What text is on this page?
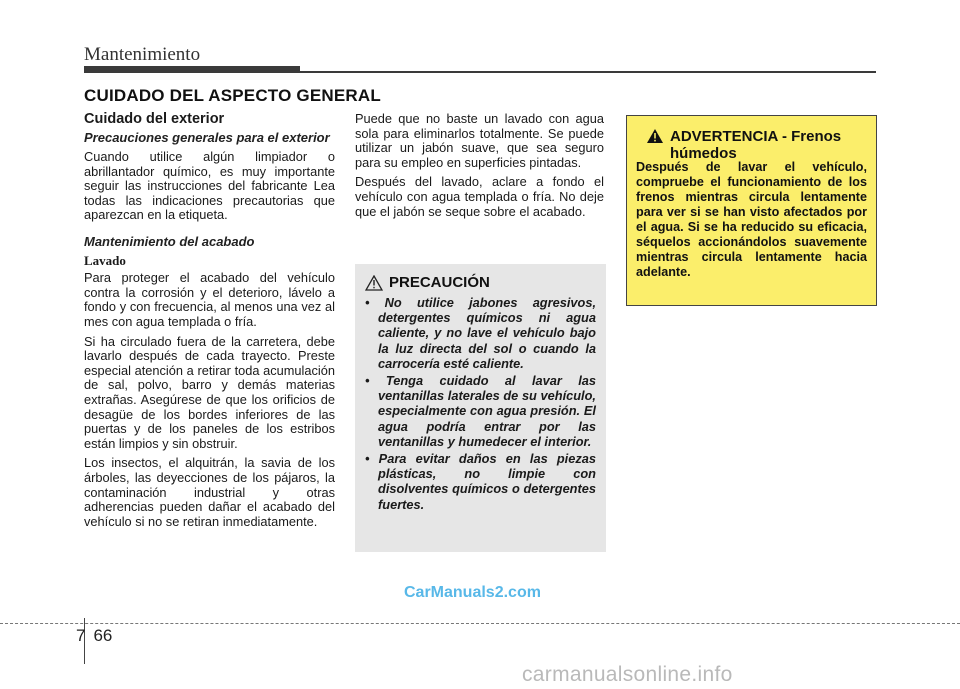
Mantenimiento
CUIDADO DEL ASPECTO GENERAL
Cuidado del exterior
Precauciones generales para el exterior

Cuando utilice algún limpiador o abrillantador químico, es muy importante seguir las instrucciones del fabricante Lea todas las indicaciones precautorias que aparezcan en la etiqueta.

Mantenimiento del acabado
Lavado

Para proteger el acabado del vehículo contra la corrosión y el deterioro, lávelo a fondo y con frecuencia, al menos una vez al mes con agua templada o fría.

Si ha circulado fuera de la carretera, debe lavarlo después de cada trayecto. Preste especial atención a retirar toda acumulación de sal, polvo, barro y demás materias extrañas. Asegúrese de que los orificios de desagüe de los bordes inferiores de las puertas y de los paneles de los estribos están limpios y sin obstruir.

Los insectos, el alquitrán, la savia de los árboles, las deyecciones de los pájaros, la contaminación industrial y otras adherencias pueden dañar el acabado del vehículo si no se retiran inmediatamente.

Puede que no baste un lavado con agua sola para eliminarlos totalmente. Se puede utilizar un jabón suave, que sea seguro para su empleo en superficies pintadas.

Después del lavado, aclare a fondo el vehículo con agua templada o fría. No deje que el jabón se seque sobre el acabado.

PRECAUCIÓN
• No utilice jabones agresivos, detergentes químicos ni agua caliente, y no lave el vehículo bajo la luz directa del sol o cuando la carrocería esté caliente.
• Tenga cuidado al lavar las ventanillas laterales de su vehículo, especialmente con agua presión. El agua podría entrar por las ventanillas y humedecer el interior.
• Para evitar daños en las piezas plásticas, no limpie con disolventes químicos o detergentes fuertes.
ADVERTENCIA - Frenos húmedos
Después de lavar el vehículo, compruebe el funcionamiento de los frenos mientras circula lentamente para ver si se han visto afectados por el agua. Si se ha reducido su eficacia, séquelos accionándolos suavemente mientras circula lentamente hacia adelante.
CarManuals2.com
7 66
carmanualsonline.info
